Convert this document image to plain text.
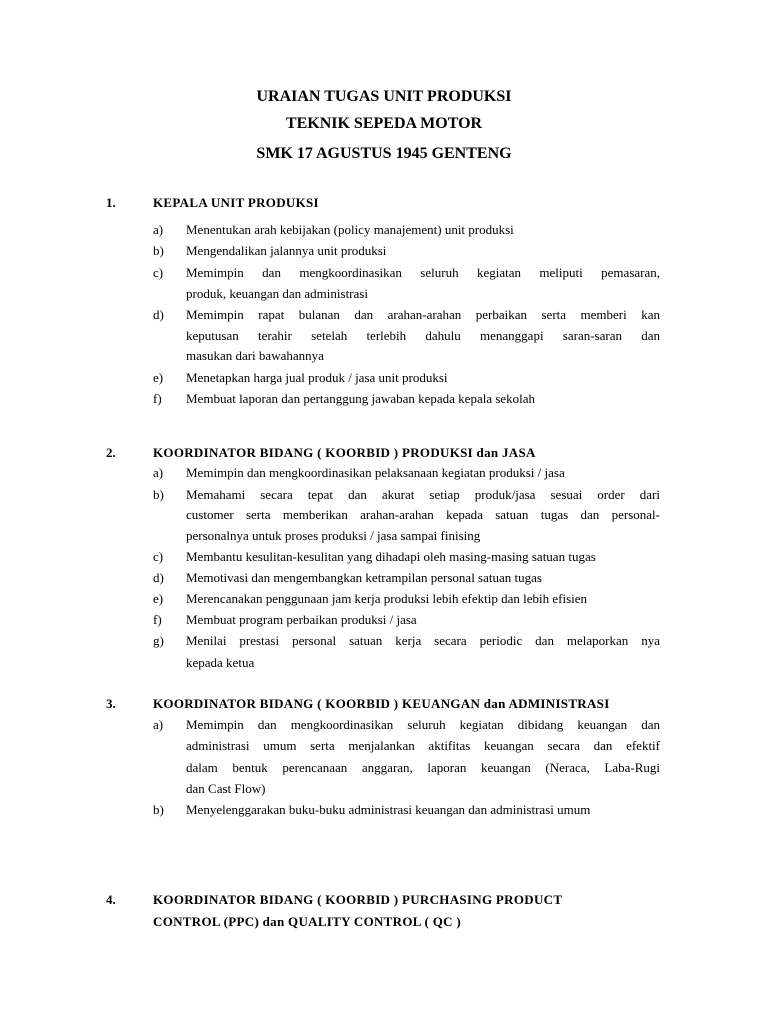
URAIAN TUGAS UNIT PRODUKSI
TEKNIK SEPEDA MOTOR
SMK 17 AGUSTUS 1945 GENTENG
1.	KEPALA UNIT PRODUKSI
a) Menentukan arah kebijakan (policy manajement) unit produksi
b) Mengendalikan jalannya unit produksi
c) Memimpin dan mengkoordinasikan seluruh kegiatan meliputi pemasaran,
produk, keuangan dan administrasi
d) Memimpin rapat bulanan dan arahan-arahan perbaikan serta memberi kan
keputusan terahir setelah terlebih dahulu menanggapi saran-saran dan
masukan dari bawahannya
e) Menetapkan harga jual produk / jasa unit produksi
f) Membuat laporan dan pertanggung jawaban kepada kepala sekolah
2.	KOORDINATOR BIDANG ( KOORBID ) PRODUKSI dan JASA
a) Memimpin dan mengkoordinasikan pelaksanaan kegiatan produksi / jasa
b) Memahami secara tepat dan akurat setiap produk/jasa sesuai order dari
customer serta memberikan arahan-arahan kepada satuan tugas dan personal-
personalnya untuk proses produksi / jasa sampai finising
c) Membantu kesulitan-kesulitan yang dihadapi oleh masing-masing satuan tugas
d) Memotivasi dan mengembangkan ketrampilan personal satuan tugas
e) Merencanakan penggunaan jam kerja produksi lebih efektip dan lebih efisien
f) Membuat program perbaikan produksi / jasa
g) Menilai prestasi personal satuan kerja secara periodic dan melaporkan nya
kepada ketua
3.	KOORDINATOR BIDANG ( KOORBID ) KEUANGAN dan ADMINISTRASI
a) Memimpin dan mengkoordinasikan seluruh kegiatan dibidang keuangan dan
administrasi umum serta menjalankan aktifitas keuangan secara dan efektif
dalam bentuk perencanaan anggaran, laporan keuangan (Neraca, Laba-Rugi
dan Cast Flow)
b) Menyelenggarakan buku-buku administrasi keuangan dan administrasi umum
4.	KOORDINATOR BIDANG ( KOORBID ) PURCHASING PRODUCT
CONTROL (PPC) dan QUALITY CONTROL ( QC )
